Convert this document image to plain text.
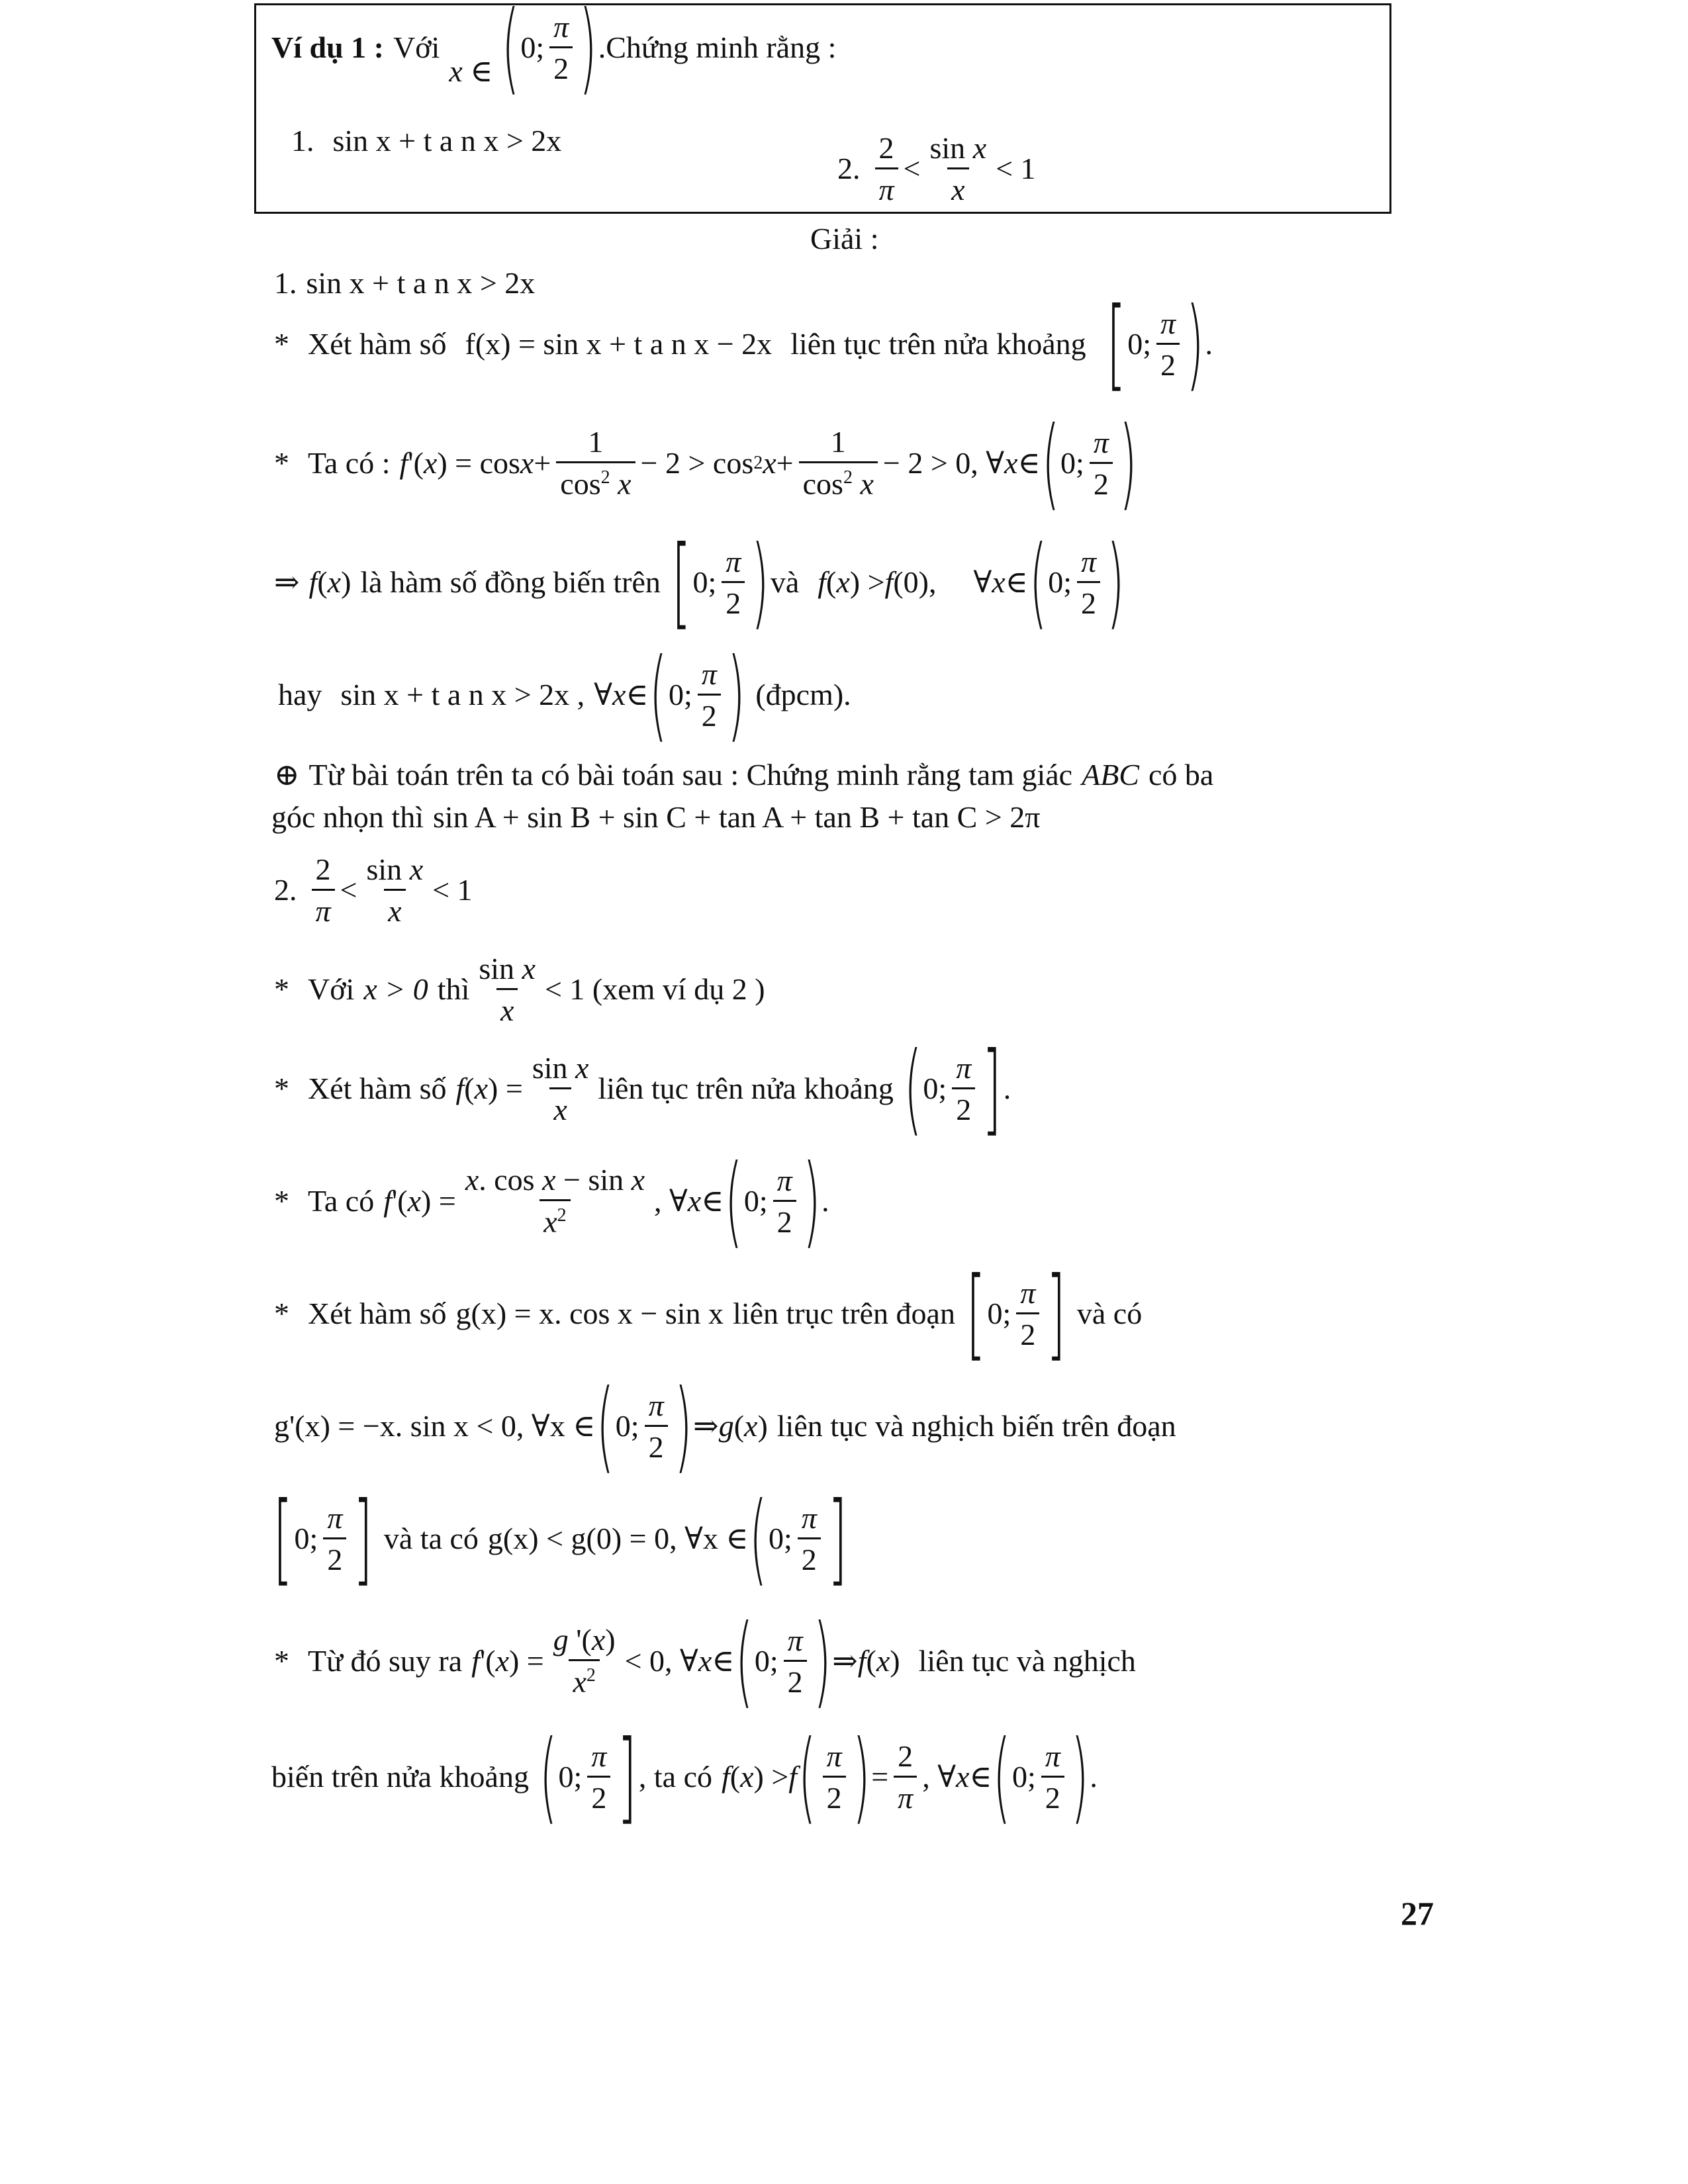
Ví dụ 1 : Với
x ∈ ( 0; $\frac{\pi}{2}$ ) .Chứng minh rằng :
1. sin x + t a n x > 2x
2. $\frac{2}{\pi} < \frac{\text{sin x}}{x} < 1$
Giải :
1. sin x + t a n x > 2x
* Xét hàm số f(x) = sin x + t a n x − 2x liên tục trên nửa khoảng [ 0; $\frac{\pi}{2}$ ) .
* Ta có : f '( x ) = $\cos x + \frac{1}{\cos^2 x} - 2 > \cos 2$ $x + \frac{1}{\cos^2 x} - 2 > 0$, ∀ x ∈ ( 0; $\frac{\pi}{2}$ )
⇒ f ( x ) là hàm số đồng biến trên [ 0; $\frac{\pi}{2}$ ) và f ( x ) > f (0), ∀ x ∈ ( 0; $\frac{\pi}{2}$ )
hay sin x + t a n x > 2x , ∀ x ∈ ( 0; $\frac{\pi}{2}$ ) (đpcm).
⊕ Từ bài toán trên ta có bài toán sau : Chứng minh rằng tam giác ABC có ba
góc nhọn thì sin A + sin B + sin C + tan A + tan B + tan C > 2π
2. $\frac{2}{\pi} < \frac{\text{sin x}}{x} < 1$
* Với x > 0 thì $\frac{\text{sin x}}{x} < 1$ (xem ví dụ 2 )
* Xét hàm số f ( x ) = $\frac{\text{sin x}}{x}$ liên tục trên nửa khoảng ( 0; $\frac{\pi}{2}$ ] .
* Ta có f '( x ) = $\frac{\text{x. cos x − sin x}}{x^2}$ , ∀ x ∈ ( 0; $\frac{\pi}{2}$ ) .
* Xét hàm số g(x) = x. cos x − sin x liên trục trên đoạn [ 0; $\frac{\pi}{2}$ ] và có
g'(x) = −x. sin x < 0, ∀x ∈ ( 0; $\frac{\pi}{2}$ ) ⇒ g ( x ) liên tục và nghịch biến trên đoạn
[ 0; $\frac{\pi}{2}$ ] và ta có g(x) < g(0) = 0, ∀x ∈ ( 0; $\frac{\pi}{2}$ ]
* Từ đó suy ra f '( x ) = $\frac{g '(x)}{x^2} < 0$, ∀ x ∈ ( 0; $\frac{\pi}{2}$ ) ⇒ f ( x ) liên tục và nghịch
biến trên nửa khoảng ( 0; $\frac{\pi}{2}$ ] , ta có f ( x ) > f ( $\frac{\pi}{2}$ ) = $\frac{2}{\pi}$ , ∀ x ∈ ( 0; $\frac{\pi}{2}$ ) .
27
